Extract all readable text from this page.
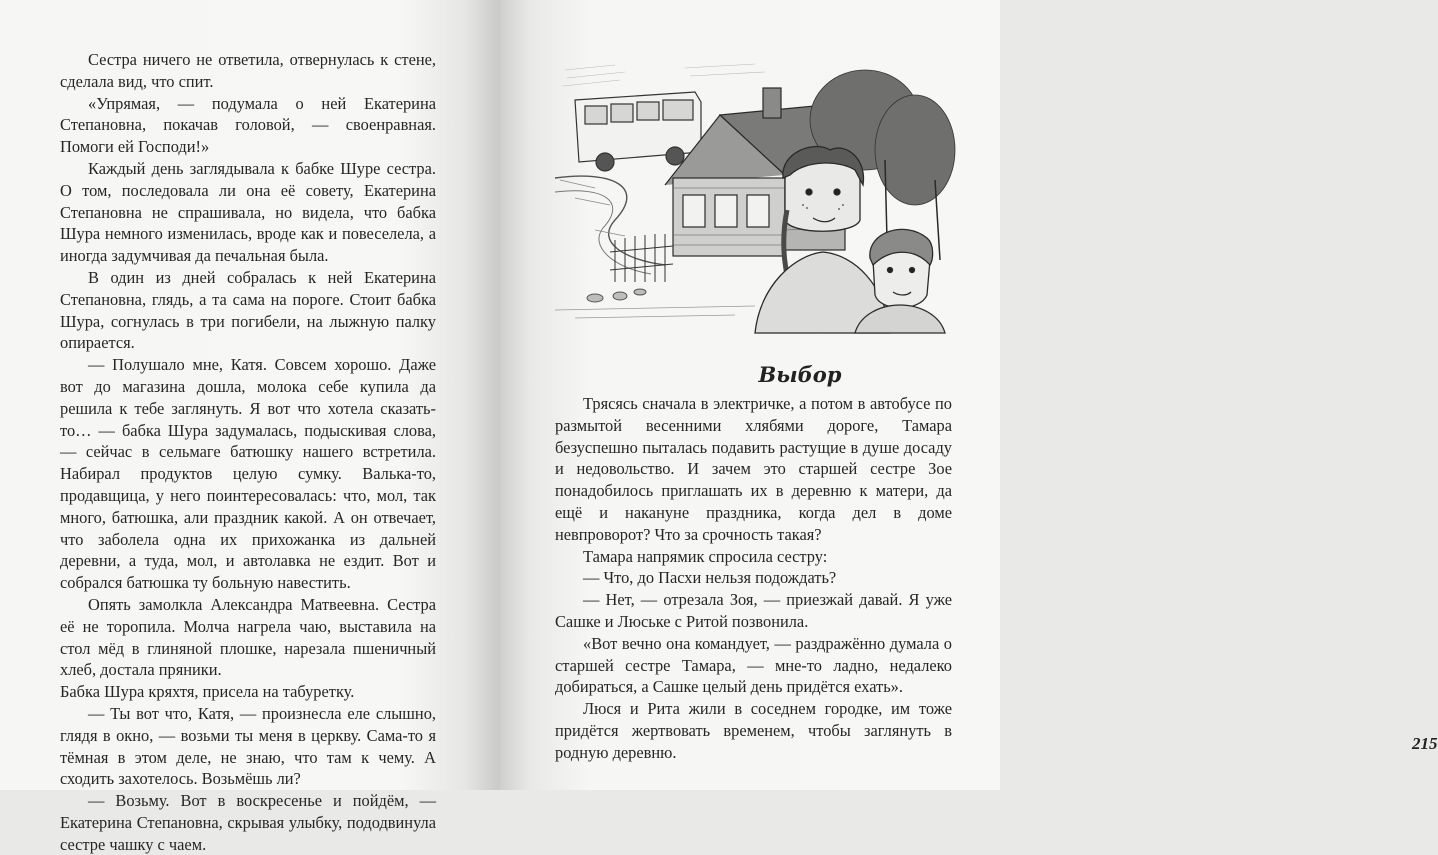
Сестра ничего не ответила, отвернулась к стене, сделала вид, что спит.

«Упрямая, — подумала о ней Екатерина Степановна, покачав головой, — своенравная. Помоги ей Господи!»

Каждый день заглядывала к бабке Шуре сестра. О том, последовала ли она её совету, Екатерина Степановна не спрашивала, но видела, что бабка Шура немного изменилась, вроде как и повеселела, а иногда задумчивая да печальная была.

В один из дней собралась к ней Екатерина Степановна, глядь, а та сама на пороге. Стоит бабка Шура, согнулась в три погибели, на лыжную палку опирается.

— Полушало мне, Катя. Совсем хорошо. Даже вот до магазина дошла, молока себе купила да решила к тебе заглянуть. Я вот что хотела сказать-то… — бабка Шура задумалась, подыскивая слова, — сейчас в сельмаге батюшку нашего встретила. Набирал продуктов целую сумку. Валька-то, продавщица, у него поинтересовалась: что, мол, так много, батюшка, али праздник какой. А он отвечает, что заболела одна их прихожанка из дальней деревни, а туда, мол, и автолавка не ездит. Вот и собрался батюшка ту больную навестить.

Опять замолкла Александра Матвеевна. Сестра её не торопила. Молча нагрела чаю, выставила на стол мёд в глиняной плошке, нарезала пшеничный хлеб, достала пряники.

Бабка Шура кряхтя, присела на табуретку.

— Ты вот что, Катя, — произнесла еле слышно, глядя в окно, — возьми ты меня в церкву. Сама-то я тёмная в этом деле, не знаю, что там к чему. А сходить захотелось. Возьмёшь ли?

— Возьму. Вот в воскресенье и пойдём, — Екатерина Степановна, скрывая улыбку, пододвинула сестре чашку с чаем.

Выбор

Трясясь сначала в электричке, а потом в автобусе по размытой весенними хлябями дороге, Тамара безуспешно пыталась подавить растущие в душе досаду и недовольство. И зачем это старшей сестре Зое понадобилось приглашать их в деревню к матери, да ещё и накануне праздника, когда дел в доме невпроворот? Что за срочность такая?

Тамара напрямик спросила сестру:

— Что, до Пасхи нельзя подождать?

— Нет, — отрезала Зоя, — приезжай давай. Я уже Сашке и Люське с Ритой позвонила.

«Вот вечно она командует, — раздражённо думала о старшей сестре Тамара, — мне-то ладно, недалеко добираться, а Сашке целый день придётся ехать».

Люся и Рита жили в соседнем городке, им тоже придётся жертвовать временем, чтобы заглянуть в родную деревню.	215
